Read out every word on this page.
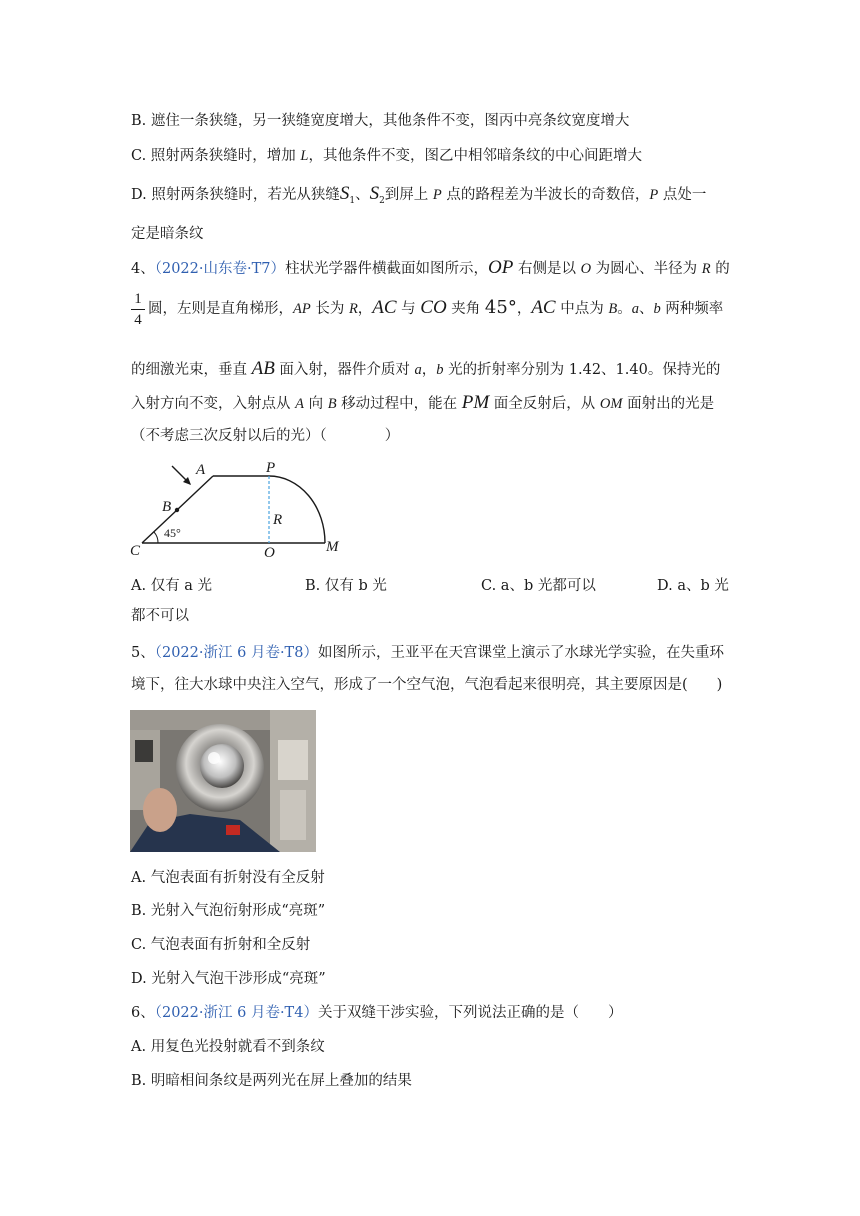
B. 遮住一条狭缝，另一狭缝宽度增大，其他条件不变，图丙中亮条纹宽度增大
C. 照射两条狭缝时，增加 L，其他条件不变，图乙中相邻暗条纹的中心间距增大
D. 照射两条狭缝时，若光从狭缝$S_1$、$S_2$到屏上 P 点的路程差为半波长的奇数倍，P 点处一
定是暗条纹
4、（2022·山东卷·T7）柱状光学器件横截面如图所示，OP 右侧是以 O 为圆心、半径为 R 的
1
4
圆，左则是直角梯形，AP 长为 R，AC 与 CO 夹角 45°，AC 中点为 B。a、b 两种频率
的细激光束，垂直 AB 面入射，器件介质对 a，b 光的折射率分别为 1.42、1.40。保持光的
入射方向不变，入射点从 A 向 B 移动过程中，能在 PM 面全反射后，从 OM 面射出的光是
（不考虑三次反射以后的光）（　　　　）
A	P
B
R
C	O	M
45°
A. 仅有 a 光	B. 仅有 b 光	C. a、b 光都可以	D. a、b 光
都不可以
5、（2022·浙江 6 月卷·T8）如图所示，王亚平在天宫课堂上演示了水球光学实验，在失重环
境下，往大水球中央注入空气，形成了一个空气泡，气泡看起来很明亮，其主要原因是(　　)
A. 气泡表面有折射没有全反射
B. 光射入气泡衍射形成“亮斑”
C. 气泡表面有折射和全反射
D. 光射入气泡干涉形成“亮斑”
6、（2022·浙江 6 月卷·T4）关于双缝干涉实验，下列说法正确的是（　　）
A. 用复色光投射就看不到条纹
B. 明暗相间条纹是两列光在屏上叠加的结果
